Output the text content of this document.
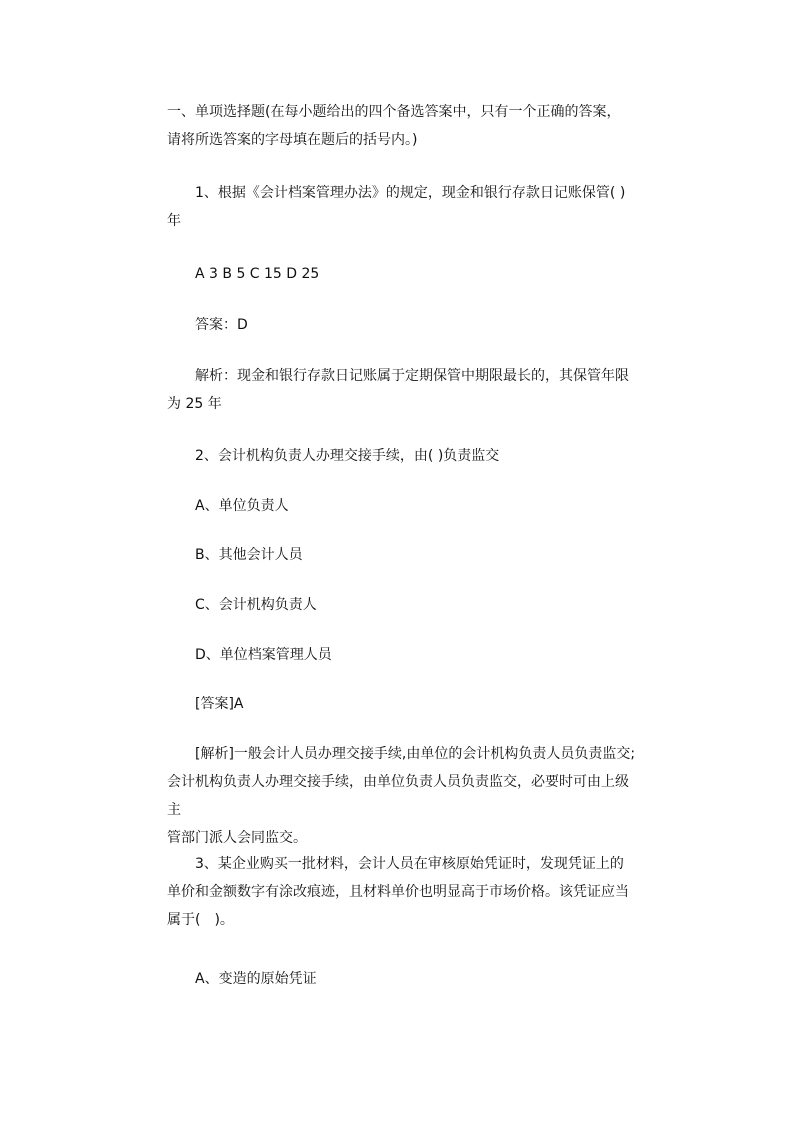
一、单项选择题(在每小题给出的四个备选答案中，只有一个正确的答案，
请将所选答案的字母填在题后的括号内。)

1、根据《会计档案管理办法》的规定，现金和银行存款日记账保管( )
年

A 3 B 5 C 15 D 25

答案：D

解析：现金和银行存款日记账属于定期保管中期限最长的，其保管年限
为 25 年

2、会计机构负责人办理交接手续，由( )负责监交

A、单位负责人

B、其他会计人员

C、会计机构负责人

D、单位档案管理人员

[答案]A

[解析]一般会计人员办理交接手续,由单位的会计机构负责人员负责监交;
会计机构负责人办理交接手续，由单位负责人员负责监交，必要时可由上级主
管部门派人会同监交。

3、某企业购买一批材料，会计人员在审核原始凭证时，发现凭证上的
单价和金额数字有涂改痕迹，且材料单价也明显高于市场价格。该凭证应当
属于(　)。

A、变造的原始凭证
